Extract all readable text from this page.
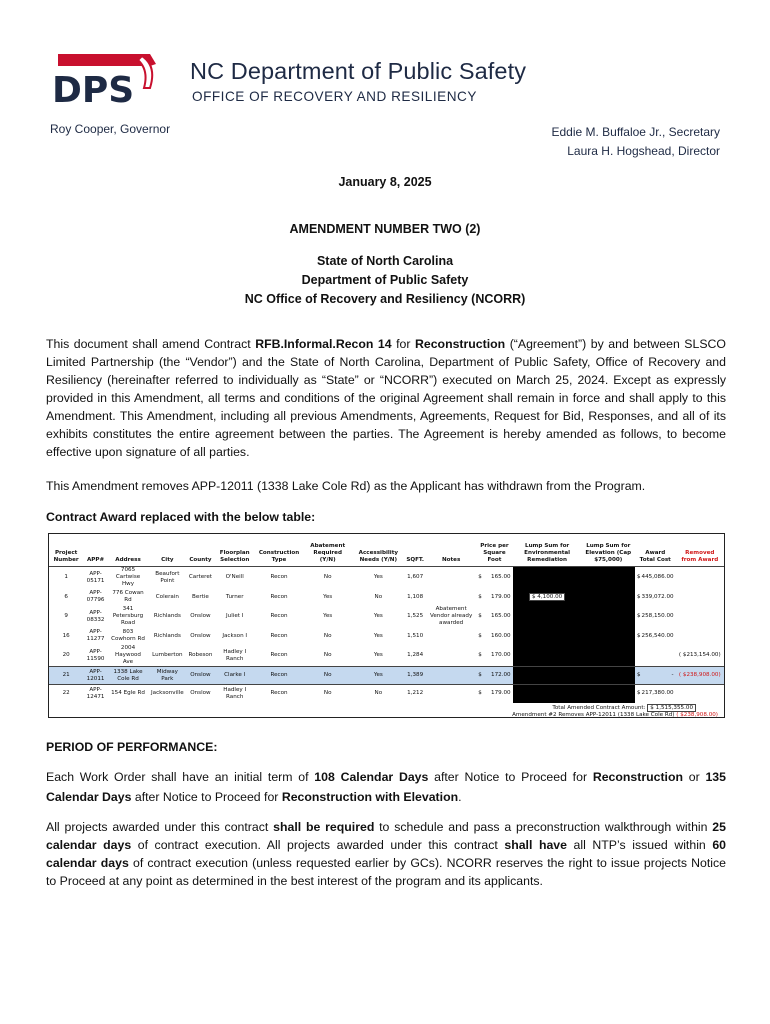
DPS NC Department of Public Safety
OFFICE OF RECOVERY AND RESILIENCY
Roy Cooper, Governor	Eddie M. Buffaloe Jr., Secretary
Laura H. Hogshead, Director
January 8, 2025
AMENDMENT NUMBER TWO (2)
State of North Carolina
Department of Public Safety
NC Office of Recovery and Resiliency (NCORR)
This document shall amend Contract RFB.Informal.Recon 14 for Reconstruction (“Agreement”) by and between SLSCO Limited Partnership (the “Vendor”) and the State of North Carolina, Department of Public Safety, Office of Recovery and Resiliency (hereinafter referred to individually as “State” or “NCORR”) executed on March 25, 2024. Except as expressly provided in this Amendment, all terms and conditions of the original Agreement shall remain in force and shall apply to this Amendment. This Amendment, including all previous Amendments, Agreements, Request for Bid, Responses, and all of its exhibits constitutes the entire agreement between the parties. The Agreement is hereby amended as follows, to become effective upon signature of all parties.
This Amendment removes APP-12011 (1338 Lake Cole Rd) as the Applicant has withdrawn from the Program.
Contract Award replaced with the below table:
Project Number	APP#	Address	City	County	Floorplan Selection	Construction Type	Abatement Required (Y/N)	Accessibility Needs (Y/N)	SQFT.	Notes	Price per Square Foot	Lump Sum for Environmental Remediation	Lump Sum for Elevation (Cap $75,000)	Award Total Cost	Removed from Award
1	APP-05171	7065 Cartwise Hwy	Beaufort Point	Carteret	O'Neill	Recon	No	Yes	1,607		$ 165.00			$ 445,086.00	

6	APP-07796	776 Cowan Rd	Colerain	Bertie	Turner	Recon	Yes	No	1,108		$ 179.00	$ 4,100.00		$ 339,072.00	

9	APP-08332	341 Petersburg Road	Richlands	Onslow	Juliet I	Recon	Yes	Yes	1,525	Abatement Vendor already awarded	$ 165.00			$ 258,150.00	

16	APP-11277	803 Cowhorn Rd	Richlands	Onslow	Jackson I	Recon	No	Yes	1,510		$ 160.00			$ 256,540.00	

20	APP-11590	2004 Haywood Ave	Lumberton	Robeson	Hadley I Ranch	Recon	No	Yes	1,284		$ 170.00				( $213,154.00)
21	APP-12011	1338 Lake Cole Rd	Midway Park	Onslow	Clarke I	Recon	No	Yes	1,389		$ 172.00			$ -	( $238,908.00)
22	APP-12471	154 Egle Rd	Jacksonville	Onslow	Hadley I Ranch	Recon	No	No	1,212		$ 179.00			$ 217,380.00	

Total Amended Contract Amount: $ 1,515,355.00
Amendment #2 Removes APP-12011 (1338 Lake Cole Rd) ( $238,908.00)
PERIOD OF PERFORMANCE:
Each Work Order shall have an initial term of 108 Calendar Days after Notice to Proceed for Reconstruction or 135 Calendar Days after Notice to Proceed for Reconstruction with Elevation.
All projects awarded under this contract shall be required to schedule and pass a preconstruction walkthrough within 25 calendar days of contract execution. All projects awarded under this contract shall have all NTP’s issued within 60 calendar days of contract execution (unless requested earlier by GCs). NCORR reserves the right to issue projects Notice to Proceed at any point as determined in the best interest of the program and its applicants.
